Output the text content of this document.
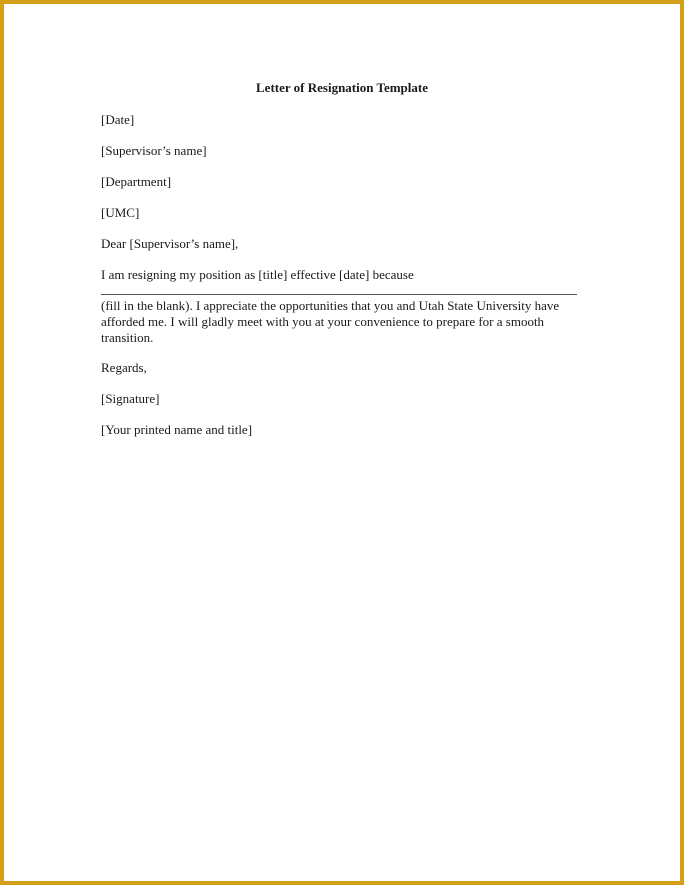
Letter of Resignation Template
[Date]
[Supervisor’s name]
[Department]
[UMC]
Dear [Supervisor’s name],
I am resigning my position as [title] effective [date] because
(fill in the blank). I appreciate the opportunities that you and Utah State University have
afforded me. I will gladly meet with you at your convenience to prepare for a smooth
transition.
Regards,
[Signature]
[Your printed name and title]
